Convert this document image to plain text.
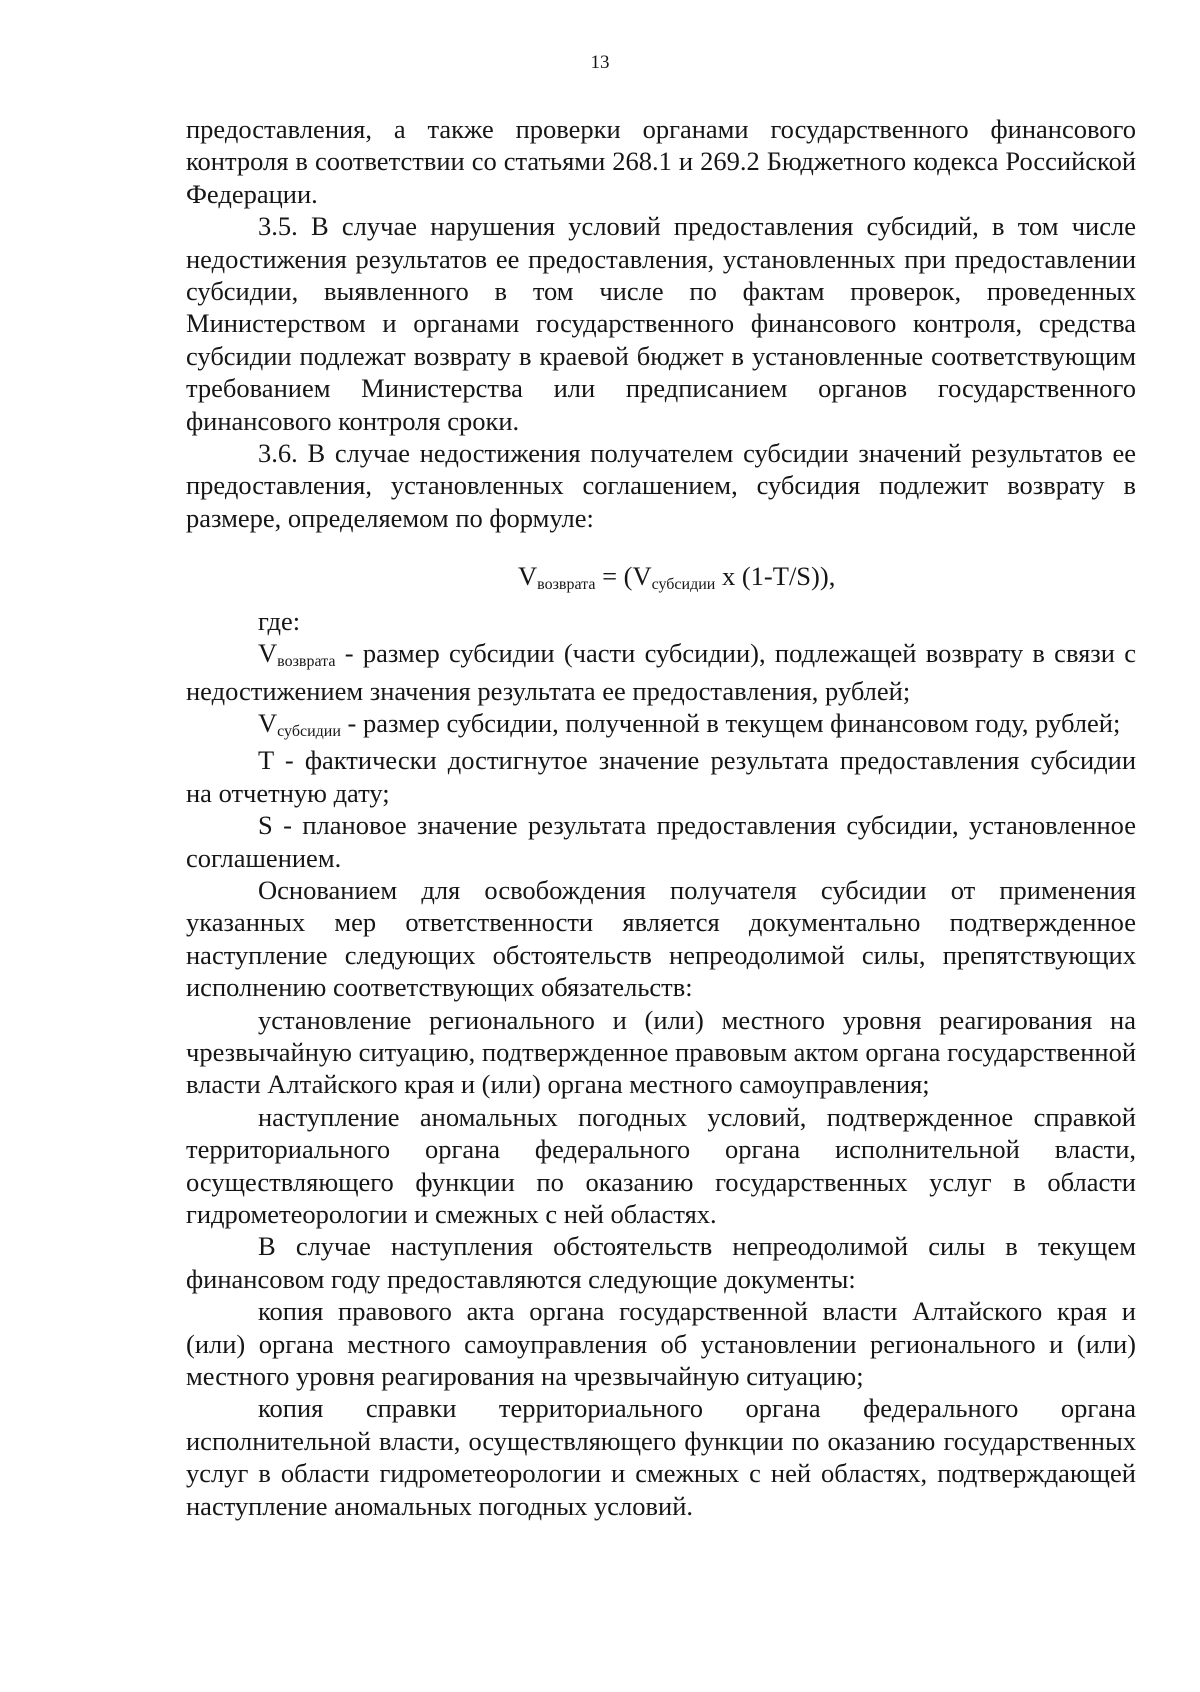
13

предоставления, а также проверки органами государственного финансового контроля в соответствии со статьями 268.1 и 269.2 Бюджетного кодекса Российской Федерации.

3.5. В случае нарушения условий предоставления субсидий, в том числе недостижения результатов ее предоставления, установленных при предоставлении субсидии, выявленного в том числе по фактам проверок, проведенных Министерством и органами государственного финансового контроля, средства субсидии подлежат возврату в краевой бюджет в установленные соответствующим требованием Министерства или предписанием органов государственного финансового контроля сроки.

3.6. В случае недостижения получателем субсидии значений результатов ее предоставления, установленных соглашением, субсидия подлежит возврату в размере, определяемом по формуле:

Vвозврата = (Vсубсидии x (1-T/S)),

где:

Vвозврата - размер субсидии (части субсидии), подлежащей возврату в связи с недостижением значения результата ее предоставления, рублей;

Vсубсидии - размер субсидии, полученной в текущем финансовом году, рублей;

T - фактически достигнутое значение результата предоставления субсидии на отчетную дату;

S - плановое значение результата предоставления субсидии, установленное соглашением.

Основанием для освобождения получателя субсидии от применения указанных мер ответственности является документально подтвержденное наступление следующих обстоятельств непреодолимой силы, препятствующих исполнению соответствующих обязательств:

установление регионального и (или) местного уровня реагирования на чрезвычайную ситуацию, подтвержденное правовым актом органа государственной власти Алтайского края и (или) органа местного самоуправления;

наступление аномальных погодных условий, подтвержденное справкой территориального органа федерального органа исполнительной власти, осуществляющего функции по оказанию государственных услуг в области гидрометеорологии и смежных с ней областях.

В случае наступления обстоятельств непреодолимой силы в текущем финансовом году предоставляются следующие документы:

копия правового акта органа государственной власти Алтайского края и (или) органа местного самоуправления об установлении регионального и (или) местного уровня реагирования на чрезвычайную ситуацию;

копия справки территориального органа федерального органа исполнительной власти, осуществляющего функции по оказанию государственных услуг в области гидрометеорологии и смежных с ней областях, подтверждающей наступление аномальных погодных условий.
